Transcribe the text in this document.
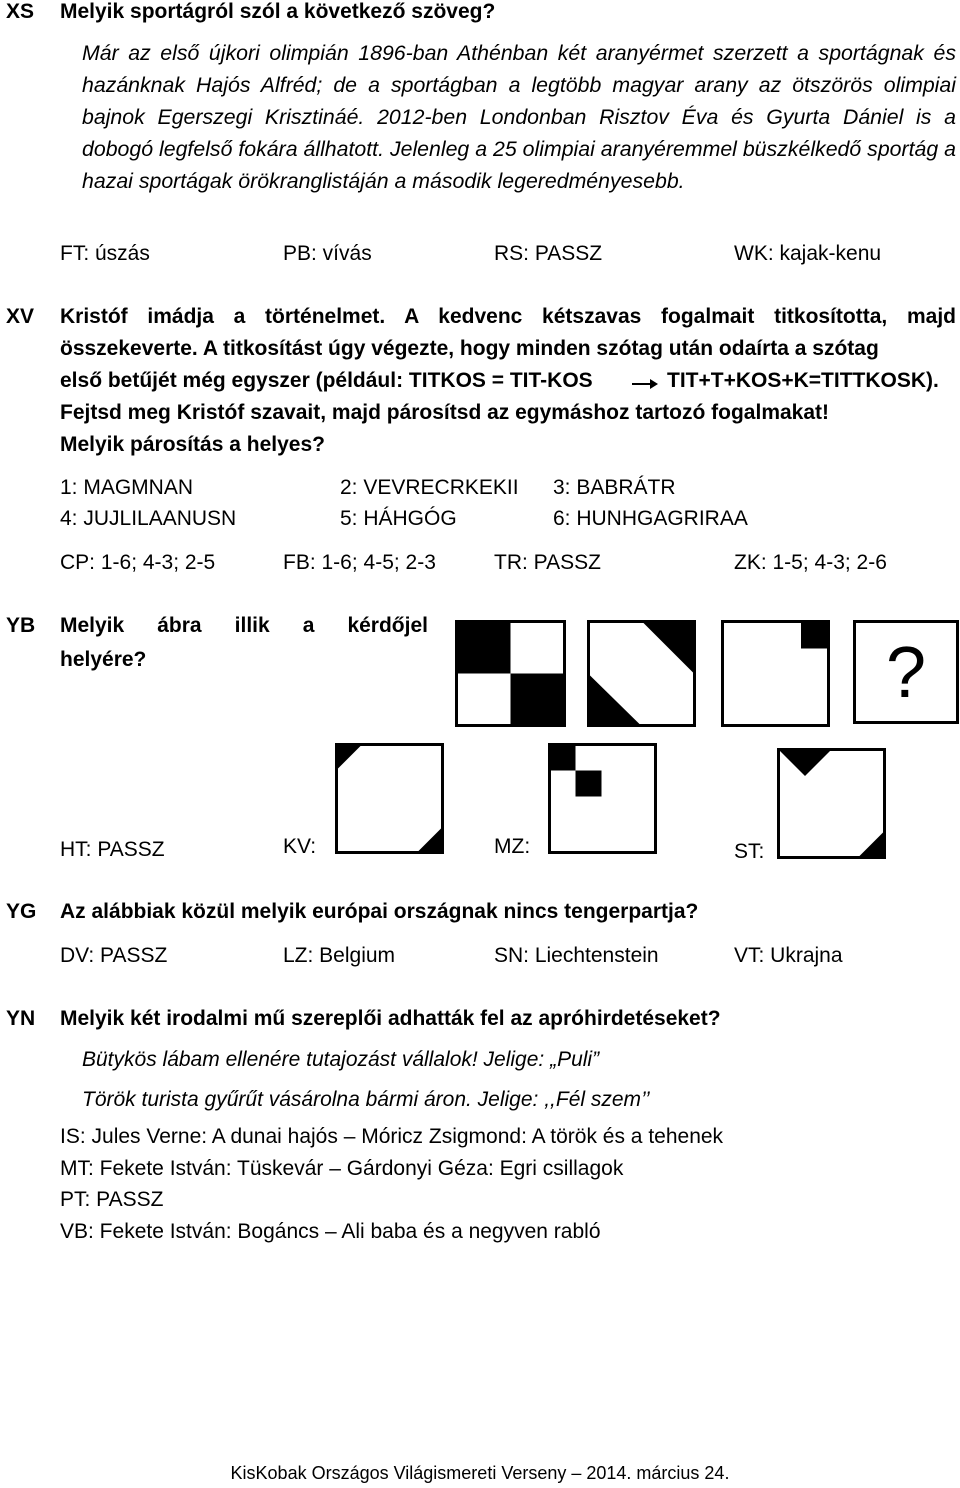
XS Melyik sportágról szól a következő szöveg?
Már az első újkori olimpián 1896-ban Athénban két aranyérmet szerzett a sportágnak és hazánknak Hajós Alfréd; de a sportágban a legtöbb magyar arany az ötszörös olimpiai bajnok Egerszegi Krisztináé. 2012-ben Londonban Risztov Éva és Gyurta Dániel is a dobogó legfelső fokára állhatott. Jelenleg a 25 olimpiai aranyéremmel büszkélkedő sportág a hazai sportágak örökranglistáján a második legeredményesebb.
FT: úszás	PB: vívás	RS: PASSZ	WK: kajak-kenu
XV Kristóf imádja a történelmet. A kedvenc kétszavas fogalmait titkosította, majd
összekeverte. A titkosítást úgy végezte, hogy minden szótag után odaírta a szótag
első betűjét még egyszer (például: TITKOS = TIT-KOS	TIT+T+KOS+K=TITTKOSK).
Fejtsd meg Kristóf szavait, majd párosítsd az egymáshoz tartozó fogalmakat!
Melyik párosítás a helyes?
1: MAGMNAN	2: VEVRECRKEKII 3: BABRÁTR
4: JUJLILAANUSN	5: HÁHGÓG	6: HUNHGAGRIRAA
CP: 1-6; 4-3; 2-5	FB: 1-6; 4-5; 2-3	TR: PASSZ	ZK: 1-5; 4-3; 2-6
YB Melyik ábra illik a kérdőjel
helyére?	?
HT: PASSZ	KV:	MZ:	ST:
YG Az alábbiak közül melyik európai országnak nincs tengerpartja?
DV: PASSZ	LZ: Belgium	SN: Liechtenstein	VT: Ukrajna
YN Melyik két irodalmi mű szereplői adhatták fel az apróhirdetéseket?
Bütykös lábam ellenére tutajozást vállalok! Jelige: „Puli”
Török turista gyűrűt vásárolna bármi áron. Jelige: ,,Fél szem’’
IS: Jules Verne: A dunai hajós – Móricz Zsigmond: A török és a tehenek
MT: Fekete István: Tüskevár – Gárdonyi Géza: Egri csillagok
PT: PASSZ
VB: Fekete István: Bogáncs – Ali baba és a negyven rabló
KisKobak Országos Világismereti Verseny – 2014. március 24.
